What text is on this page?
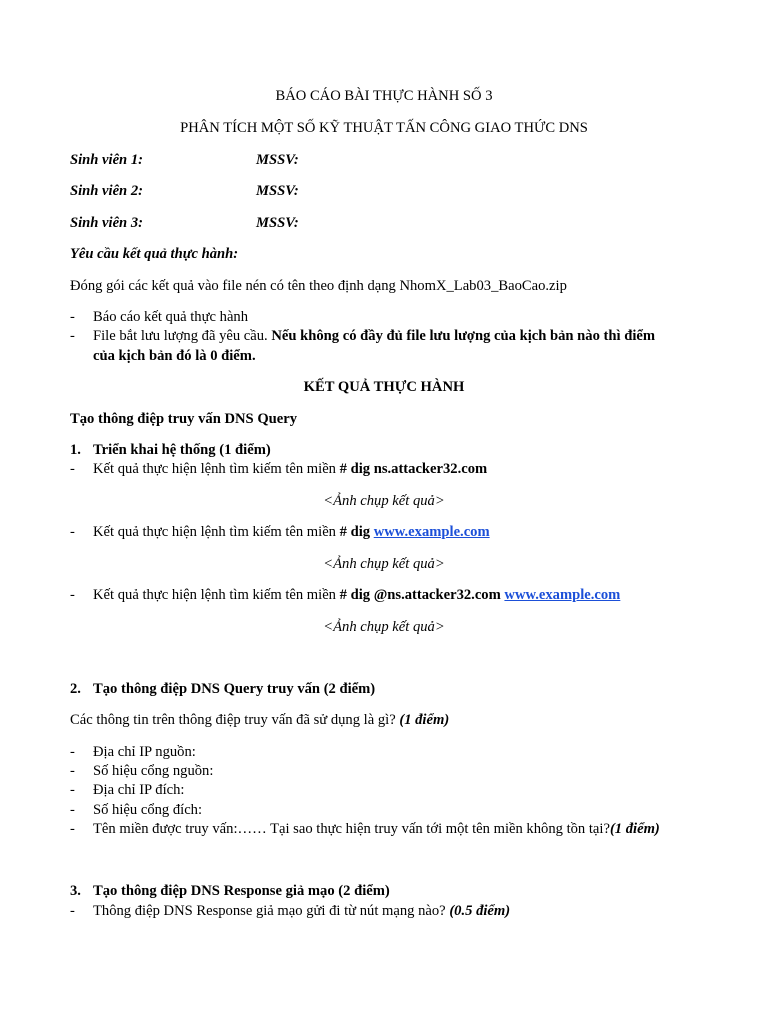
BÁO CÁO BÀI THỰC HÀNH SỐ 3
PHÂN TÍCH MỘT SỐ KỸ THUẬT TẤN CÔNG GIAO THỨC DNS
Sinh viên 1:	MSSV:
Sinh viên 2:	MSSV:
Sinh viên 3:	MSSV:
Yêu cầu kết quả thực hành:
Đóng gói các kết quả vào file nén có tên theo định dạng NhomX_Lab03_BaoCao.zip
- Báo cáo kết quả thực hành
- File bắt lưu lượng đã yêu cầu. Nếu không có đầy đủ file lưu lượng của kịch bản nào thì điểm
của kịch bản đó là 0 điểm.
KẾT QUẢ THỰC HÀNH
Tạo thông điệp truy vấn DNS Query
1. Triển khai hệ thống (1 điểm)
- Kết quả thực hiện lệnh tìm kiếm tên miền # dig ns.attacker32.com
<Ảnh chụp kết quả>
- Kết quả thực hiện lệnh tìm kiếm tên miền # dig www.example.com
<Ảnh chụp kết quả>
- Kết quả thực hiện lệnh tìm kiếm tên miền # dig @ns.attacker32.com www.example.com
<Ảnh chụp kết quả>
2. Tạo thông điệp DNS Query truy vấn (2 điểm)
Các thông tin trên thông điệp truy vấn đã sử dụng là gì? (1 điểm)
- Địa chỉ IP nguồn:
- Số hiệu cổng nguồn:
- Địa chỉ IP đích:
- Số hiệu cổng đích:
- Tên miền được truy vấn:…… Tại sao thực hiện truy vấn tới một tên miền không tồn tại?(1 điểm)
3. Tạo thông điệp DNS Response giả mạo (2 điểm)
- Thông điệp DNS Response giả mạo gửi đi từ nút mạng nào? (0.5 điểm)
